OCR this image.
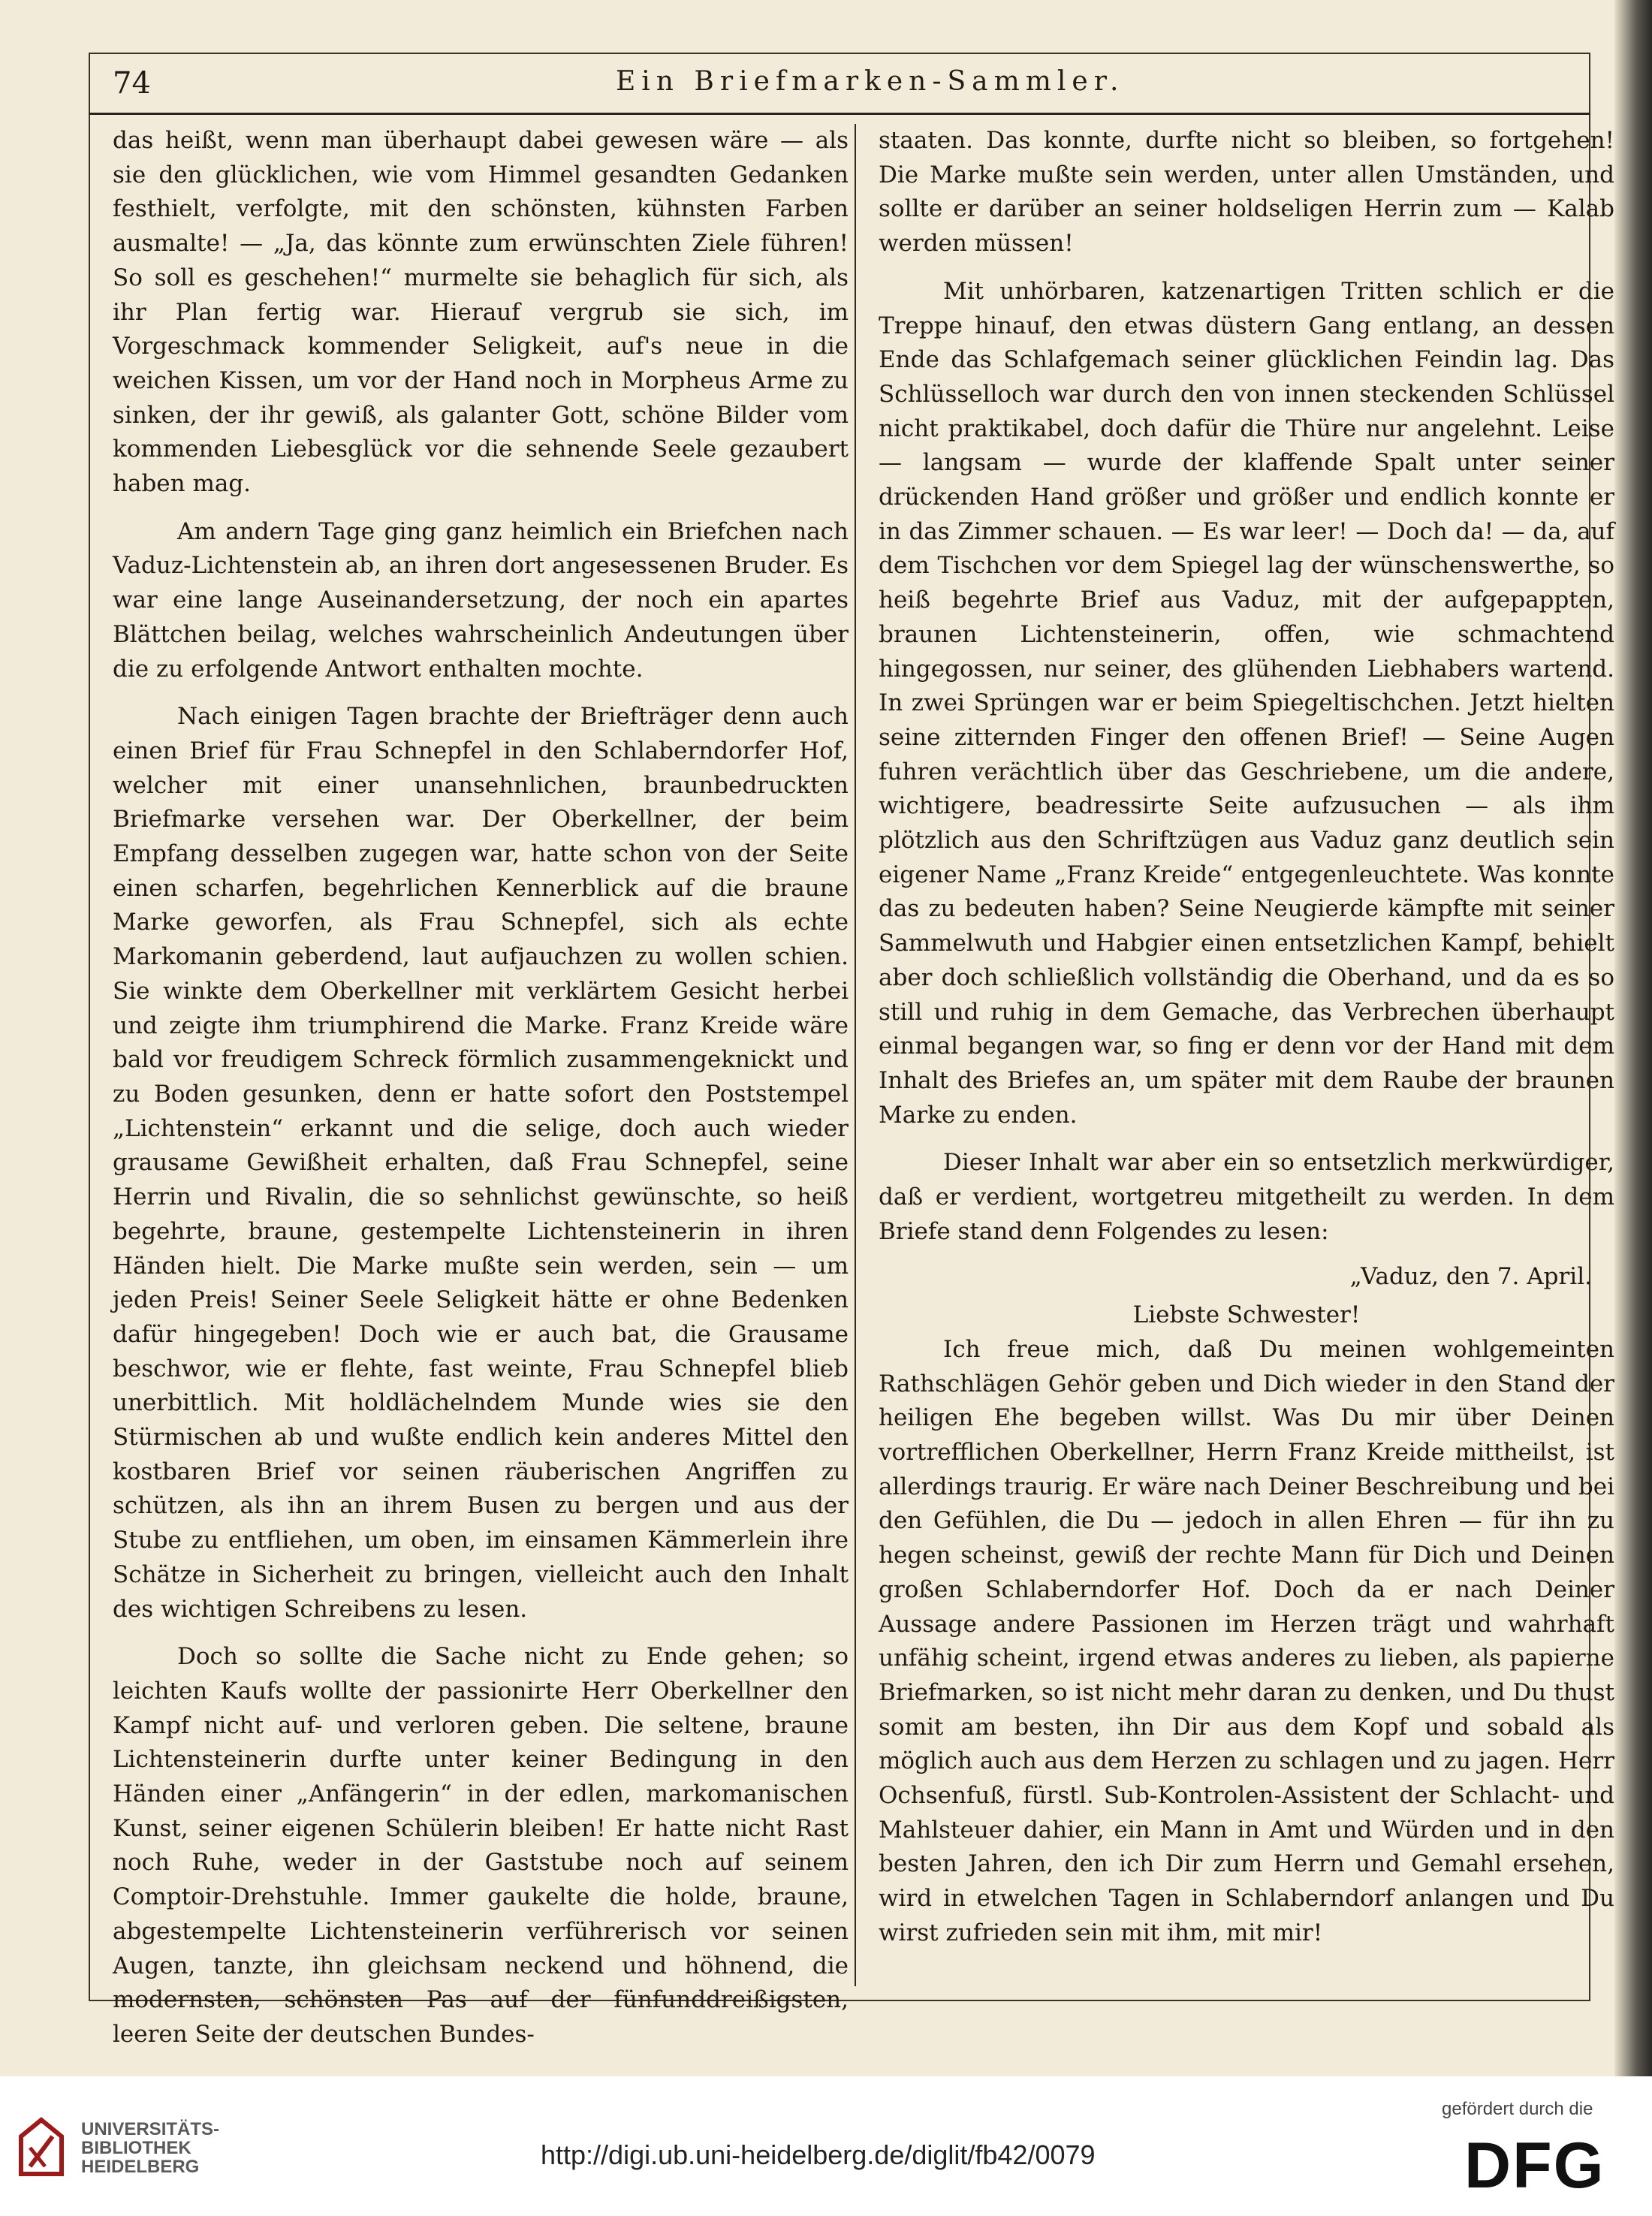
74	Ein Briefmarken-Sammler.

das heißt, wenn man überhaupt dabei gewesen wäre — als sie den glücklichen, wie vom Himmel gesandten Gedanken festhielt, verfolgte, mit den schönsten, kühnsten Farben ausmalte! — „Ja, das könnte zum erwünschten Ziele führen! So soll es geschehen!“ murmelte sie behaglich für sich, als ihr Plan fertig war. Hierauf vergrub sie sich, im Vorgeschmack kommender Seligkeit, auf's neue in die weichen Kissen, um vor der Hand noch in Morpheus Arme zu sinken, der ihr gewiß, als galanter Gott, schöne Bilder vom kommenden Liebesglück vor die sehnende Seele gezaubert haben mag.

Am andern Tage ging ganz heimlich ein Briefchen nach Vaduz-Lichtenstein ab, an ihren dort angesessenen Bruder. Es war eine lange Auseinandersetzung, der noch ein apartes Blättchen beilag, welches wahrscheinlich Andeutungen über die zu erfolgende Antwort enthalten mochte.

Nach einigen Tagen brachte der Briefträger denn auch einen Brief für Frau Schnepfel in den Schlaberndorfer Hof, welcher mit einer unansehnlichen, braunbedruckten Briefmarke versehen war. Der Oberkellner, der beim Empfang desselben zugegen war, hatte schon von der Seite einen scharfen, begehrlichen Kennerblick auf die braune Marke geworfen, als Frau Schnepfel, sich als echte Markomanin geberdend, laut aufjauchzen zu wollen schien. Sie winkte dem Oberkellner mit verklärtem Gesicht herbei und zeigte ihm triumphirend die Marke. Franz Kreide wäre bald vor freudigem Schreck förmlich zusammengeknickt und zu Boden gesunken, denn er hatte sofort den Poststempel „Lichtenstein“ erkannt und die selige, doch auch wieder grausame Gewißheit erhalten, daß Frau Schnepfel, seine Herrin und Rivalin, die so sehnlichst gewünschte, so heiß begehrte, braune, gestempelte Lichtensteinerin in ihren Händen hielt. Die Marke mußte sein werden, sein — um jeden Preis! Seiner Seele Seligkeit hätte er ohne Bedenken dafür hingegeben! Doch wie er auch bat, die Grausame beschwor, wie er flehte, fast weinte, Frau Schnepfel blieb unerbittlich. Mit holdlächelndem Munde wies sie den Stürmischen ab und wußte endlich kein anderes Mittel den kostbaren Brief vor seinen räuberischen Angriffen zu schützen, als ihn an ihrem Busen zu bergen und aus der Stube zu entfliehen, um oben, im einsamen Kämmerlein ihre Schätze in Sicherheit zu bringen, vielleicht auch den Inhalt des wichtigen Schreibens zu lesen.

Doch so sollte die Sache nicht zu Ende gehen; so leichten Kaufs wollte der passionirte Herr Oberkellner den Kampf nicht auf- und verloren geben. Die seltene, braune Lichtensteinerin durfte unter keiner Bedingung in den Händen einer „Anfängerin“ in der edlen, markomanischen Kunst, seiner eigenen Schülerin bleiben! Er hatte nicht Rast noch Ruhe, weder in der Gaststube noch auf seinem Comptoir-Drehstuhle. Immer gaukelte die holde, braune, abgestempelte Lichtensteinerin verführerisch vor seinen Augen, tanzte, ihn gleichsam neckend und höhnend, die modernsten, schönsten Pas auf der fünfunddreißigsten, leeren Seite der deutschen Bundes-

staaten. Das konnte, durfte nicht so bleiben, so fortgehen! Die Marke mußte sein werden, unter allen Umständen, und sollte er darüber an seiner holdseligen Herrin zum — Kalab werden müssen!

Mit unhörbaren, katzenartigen Tritten schlich er die Treppe hinauf, den etwas düstern Gang entlang, an dessen Ende das Schlafgemach seiner glücklichen Feindin lag. Das Schlüsselloch war durch den von innen steckenden Schlüssel nicht praktikabel, doch dafür die Thüre nur angelehnt. Leise — langsam — wurde der klaffende Spalt unter seiner drückenden Hand größer und größer und endlich konnte er in das Zimmer schauen. — Es war leer! — Doch da! — da, auf dem Tischchen vor dem Spiegel lag der wünschenswerthe, so heiß begehrte Brief aus Vaduz, mit der aufgepappten, braunen Lichtensteinerin, offen, wie schmachtend hingegossen, nur seiner, des glühenden Liebhabers wartend. In zwei Sprüngen war er beim Spiegeltischchen. Jetzt hielten seine zitternden Finger den offenen Brief! — Seine Augen fuhren verächtlich über das Geschriebene, um die andere, wichtigere, beadressirte Seite aufzusuchen — als ihm plötzlich aus den Schriftzügen aus Vaduz ganz deutlich sein eigener Name „Franz Kreide“ entgegenleuchtete. Was konnte das zu bedeuten haben? Seine Neugierde kämpfte mit seiner Sammelwuth und Habgier einen entsetzlichen Kampf, behielt aber doch schließlich vollständig die Oberhand, und da es so still und ruhig in dem Gemache, das Verbrechen überhaupt einmal begangen war, so fing er denn vor der Hand mit dem Inhalt des Briefes an, um später mit dem Raube der braunen Marke zu enden.

Dieser Inhalt war aber ein so entsetzlich merkwürdiger, daß er verdient, wortgetreu mitgetheilt zu werden. In dem Briefe stand denn Folgendes zu lesen:

„Vaduz, den 7. April.
Liebste Schwester!

Ich freue mich, daß Du meinen wohlgemeinten Rathschlägen Gehör geben und Dich wieder in den Stand der heiligen Ehe begeben willst. Was Du mir über Deinen vortrefflichen Oberkellner, Herrn Franz Kreide mittheilst, ist allerdings traurig. Er wäre nach Deiner Beschreibung und bei den Gefühlen, die Du — jedoch in allen Ehren — für ihn zu hegen scheinst, gewiß der rechte Mann für Dich und Deinen großen Schlaberndorfer Hof. Doch da er nach Deiner Aussage andere Passionen im Herzen trägt und wahrhaft unfähig scheint, irgend etwas anderes zu lieben, als papierne Briefmarken, so ist nicht mehr daran zu denken, und Du thust somit am besten, ihn Dir aus dem Kopf und sobald als möglich auch aus dem Herzen zu schlagen und zu jagen. Herr Ochsenfuß, fürstl. Sub-Kontrolen-Assistent der Schlacht- und Mahlsteuer dahier, ein Mann in Amt und Würden und in den besten Jahren, den ich Dir zum Herrn und Gemahl ersehen, wird in etwelchen Tagen in Schlaberndorf anlangen und Du wirst zufrieden sein mit ihm, mit mir!

UNIVERSITÄTS-
BIBLIOTHEK
HEIDELBERG	http://digi.ub.uni-heidelberg.de/diglit/fb42/0079
gefördert durch die
DFG
